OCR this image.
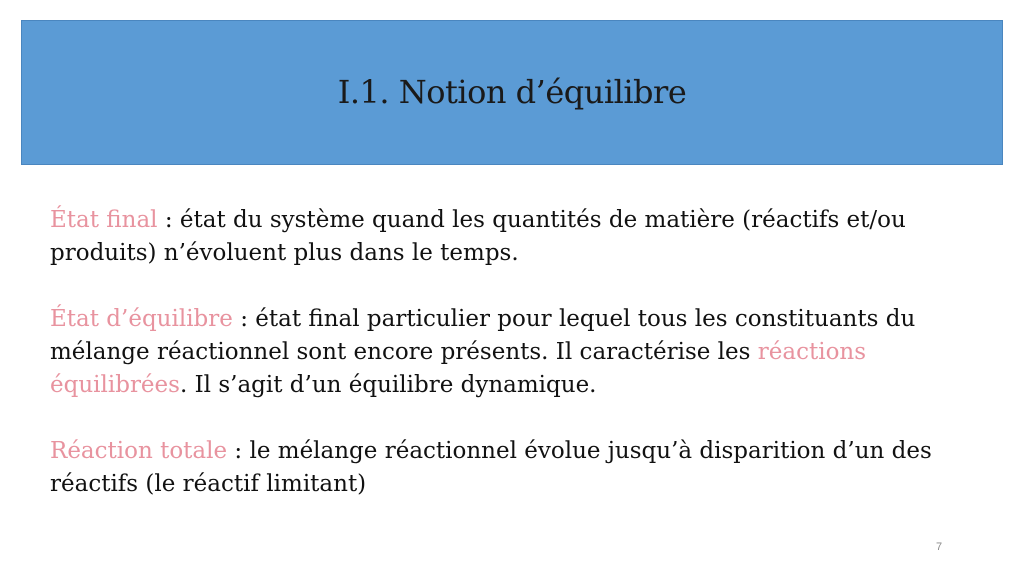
I.1. Notion d’équilibre

État final : état du système quand les quantités de matière (réactifs et/ou produits) n’évoluent plus dans le temps.

État d’équilibre : état final particulier pour lequel tous les constituants du mélange réactionnel sont encore présents. Il caractérise les réactions équilibrées. Il s’agit d’un équilibre dynamique.

Réaction totale : le mélange réactionnel évolue jusqu’à disparition d’un des réactifs (le réactif limitant)

7
